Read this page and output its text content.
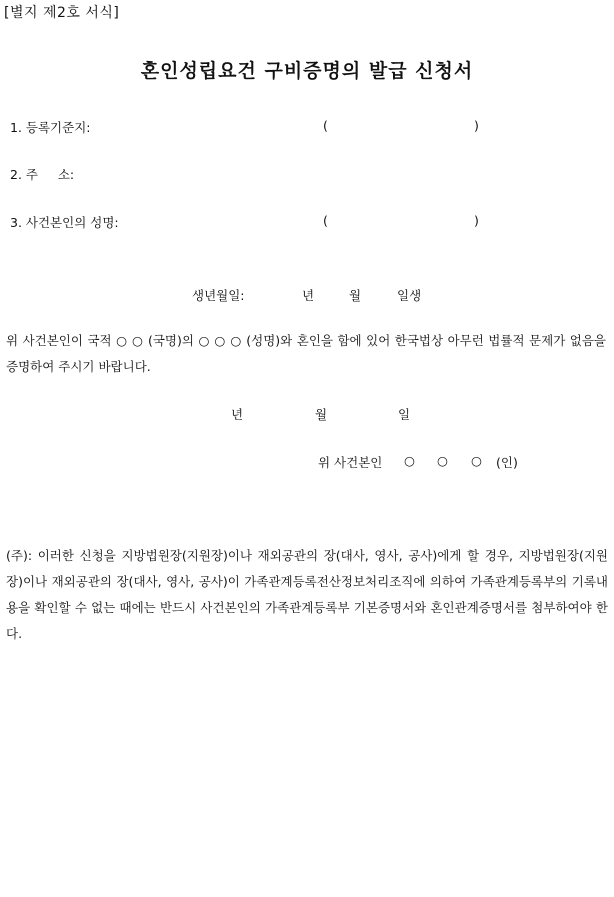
[별지 제2호 서식]
혼인성립요건 구비증명의 발급 신청서
1. 등록기준지:	(	)
2. 주     소:
3. 사건본인의 성명:	(	)
생년월일:	년	월	일생
위 사건본인이 국적 ○ ○ (국명)의 ○ ○ ○ (성명)와 혼인을 함에 있어 한국법상 아무런 법률적 문제가 없음을 증명하여 주시기 바랍니다.
년	월	일
위 사건본인 ○ ○ ○ (인)
(주): 이러한 신청을 지방법원장(지원장)이나 재외공관의 장(대사, 영사, 공사)에게 할 경우, 지방법원장(지원장)이나 재외공관의 장(대사, 영사, 공사)이 가족관계등록전산정보처리조직에 의하여 가족관계등록부의 기록내용을 확인할 수 없는 때에는 반드시 사건본인의 가족관계등록부 기본증명서와 혼인관계증명서를 첨부하여야 한다.
